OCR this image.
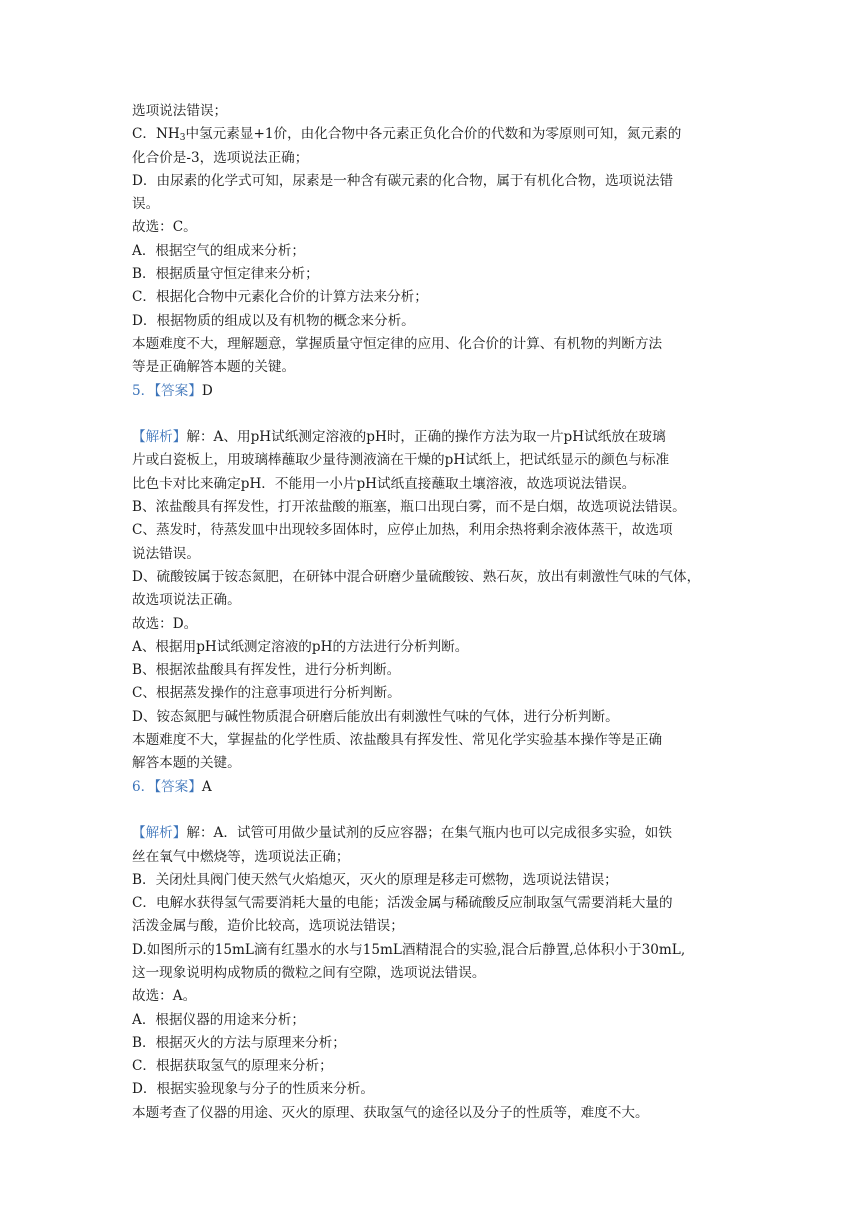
选项说法错误；
C．$NH_3$中氢元素显+1价，由化合物中各元素正负化合价的代数和为零原则可知，氮元素的
化合价是-3，选项说法正确；
D．由尿素的化学式可知，尿素是一种含有碳元素的化合物，属于有机化合物，选项说法错
误。
故选：C。
A．根据空气的组成来分析；
B．根据质量守恒定律来分析；
C．根据化合物中元素化合价的计算方法来分析；
D．根据物质的组成以及有机物的概念来分析。
本题难度不大，理解题意，掌握质量守恒定律的应用、化合价的计算、有机物的判断方法
等是正确解答本题的关键。
5．【答案】D
【解析】解：A、用pH试纸测定溶液的pH时，正确的操作方法为取一片pH试纸放在玻璃
片或白瓷板上，用玻璃棒蘸取少量待测液滴在干燥的pH试纸上，把试纸显示的颜色与标准
比色卡对比来确定pH．不能用一小片pH试纸直接蘸取土壤溶液，故选项说法错误。
B、浓盐酸具有挥发性，打开浓盐酸的瓶塞，瓶口出现白雾，而不是白烟，故选项说法错误。
C、蒸发时，待蒸发皿中出现较多固体时，应停止加热，利用余热将剩余液体蒸干，故选项
说法错误。
D、硫酸铵属于铵态氮肥，在研钵中混合研磨少量硫酸铵、熟石灰，放出有刺激性气味的气体，
故选项说法正确。
故选：D。
A、根据用pH试纸测定溶液的pH的方法进行分析判断。
B、根据浓盐酸具有挥发性，进行分析判断。
C、根据蒸发操作的注意事项进行分析判断。
D、铵态氮肥与碱性物质混合研磨后能放出有刺激性气味的气体，进行分析判断。
本题难度不大，掌握盐的化学性质、浓盐酸具有挥发性、常见化学实验基本操作等是正确
解答本题的关键。
6．【答案】A
【解析】解：A．试管可用做少量试剂的反应容器；在集气瓶内也可以完成很多实验，如铁
丝在氧气中燃烧等，选项说法正确；
B．关闭灶具阀门使天然气火焰熄灭，灭火的原理是移走可燃物，选项说法错误；
C．电解水获得氢气需要消耗大量的电能；活泼金属与稀硫酸反应制取氢气需要消耗大量的
活泼金属与酸，造价比较高，选项说法错误；
D.如图所示的15mL滴有红墨水的水与15mL酒精混合的实验,混合后静置,总体积小于30mL,
这一现象说明构成物质的微粒之间有空隙，选项说法错误。
故选：A。
A．根据仪器的用途来分析；
B．根据灭火的方法与原理来分析；
C．根据获取氢气的原理来分析；
D．根据实验现象与分子的性质来分析。
本题考查了仪器的用途、灭火的原理、获取氢气的途径以及分子的性质等，难度不大。
